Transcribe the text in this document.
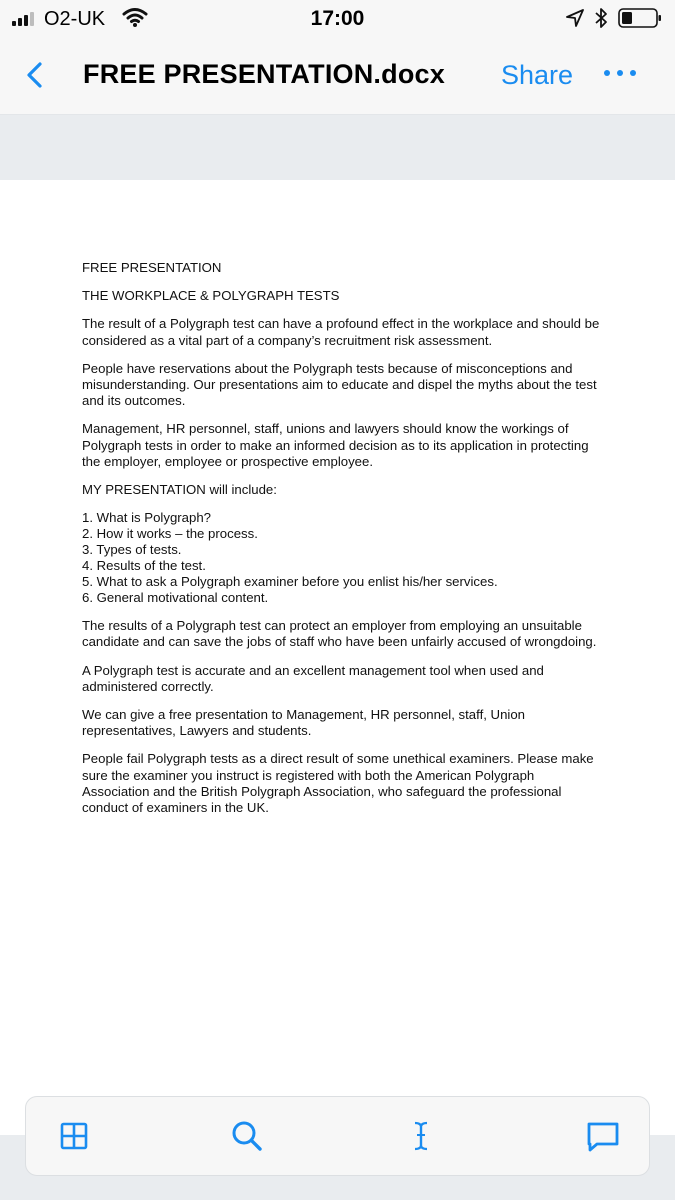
O2-UK	17:00
FREE PRESENTATION.docx Share

FREE PRESENTATION

THE WORKPLACE & POLYGRAPH TESTS

The result of a Polygraph test can have a profound effect in the workplace and should be considered as a vital part of a company’s recruitment risk assessment.

People have reservations about the Polygraph tests because of misconceptions and misunderstanding. Our presentations aim to educate and dispel the myths about the test and its outcomes.

Management, HR personnel, staff, unions and lawyers should know the workings of Polygraph tests in order to make an informed decision as to its application in protecting the employer, employee or prospective employee.

MY PRESENTATION will include:

1. What is Polygraph?
2. How it works – the process.
3. Types of tests.
4. Results of the test.
5. What to ask a Polygraph examiner before you enlist his/her services.
6. General motivational content.

The results of a Polygraph test can protect an employer from employing an unsuitable candidate and can save the jobs of staff who have been unfairly accused of wrongdoing.

A Polygraph test is accurate and an excellent management tool when used and administered correctly.

We can give a free presentation to Management, HR personnel, staff, Union representatives, Lawyers and students.

People fail Polygraph tests as a direct result of some unethical examiners. Please make sure the examiner you instruct is registered with both the American Polygraph Association and the British Polygraph Association, who safeguard the professional conduct of examiners in the UK.
